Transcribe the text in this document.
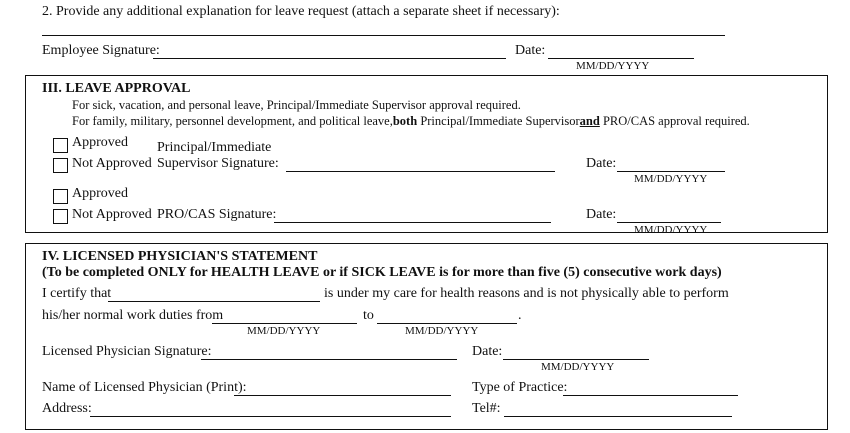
2. Provide any additional explanation for leave request (attach a separate sheet if necessary):
Employee Signature:	Date:
MM/DD/YYYY
III. LEAVE APPROVAL
For sick, vacation, and personal leave, Principal/Immediate Supervisor approval required.
For family, military, personnel development, and political leave,both Principal/Immediate Supervisorand PRO/CAS approval required.
Approved
Not Approved
Principal/Immediate
Supervisor Signature:	Date:
MM/DD/YYYY
Approved
Not Approved PRO/CAS Signature:	Date:
MM/DD/YYYY
IV. LICENSED PHYSICIAN'S STATEMENT
(To be completed ONLY for HEALTH LEAVE or if SICK LEAVE is for more than five (5) consecutive work days)
I certify that	is under my care for health reasons and is not physically able to perform
his/her normal work duties from
MM/DD/YYYY
to	.
MM/DD/YYYY
Licensed Physician Signature:	Date:
MM/DD/YYYY
Name of Licensed Physician (Print):	Type of Practice:
Address:	Tel#:
